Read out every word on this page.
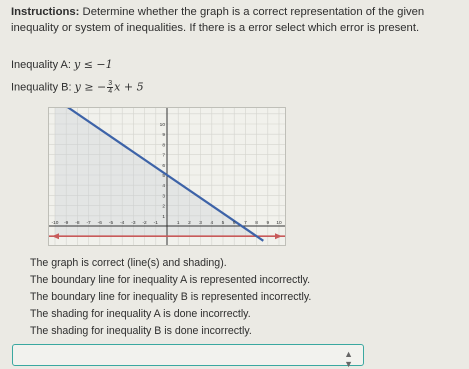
Instructions: Determine whether the graph is a correct representation of the given inequality or system of inequalities. If there is a error select which error is present.
Inequality A: y ≤ −1
Inequality B: y ≥ − $\frac{3}{4}$ x + 5
-10 -9 -8 -7 -6 -5 -4 -3 -2 -1	1 2 3 4 5 6 7 8 9 10
1
2
3
4
5
6
7
8
9
10
The graph is correct (line(s) and shading).
The boundary line for inequality A is represented incorrectly.
The boundary line for inequality B is represented incorrectly.
The shading for inequality A is done incorrectly.
The shading for inequality B is done incorrectly.
▲
▼
